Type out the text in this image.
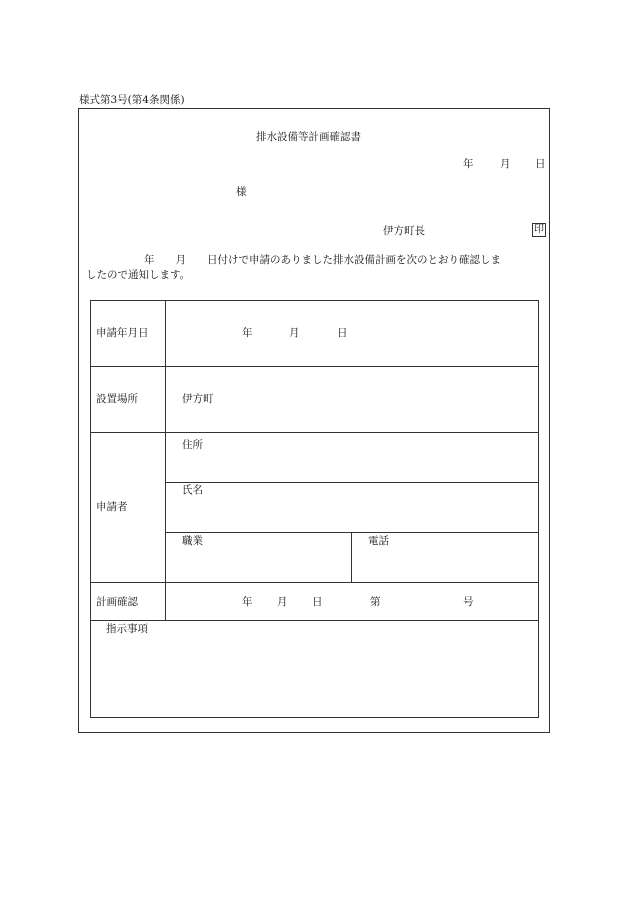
様式第3号(第4条関係)
排水設備等計画確認書
年	月 日
様
伊方町長	印
年 月 日付けで申請のありました排水設備計画を次のとおり確認しま
したので通知します。
申請年月日	年	月	日
設置場所	伊方町
申請者
住所
氏名
職業	電話
計画確認	年 月 日	第	号
指示事項
